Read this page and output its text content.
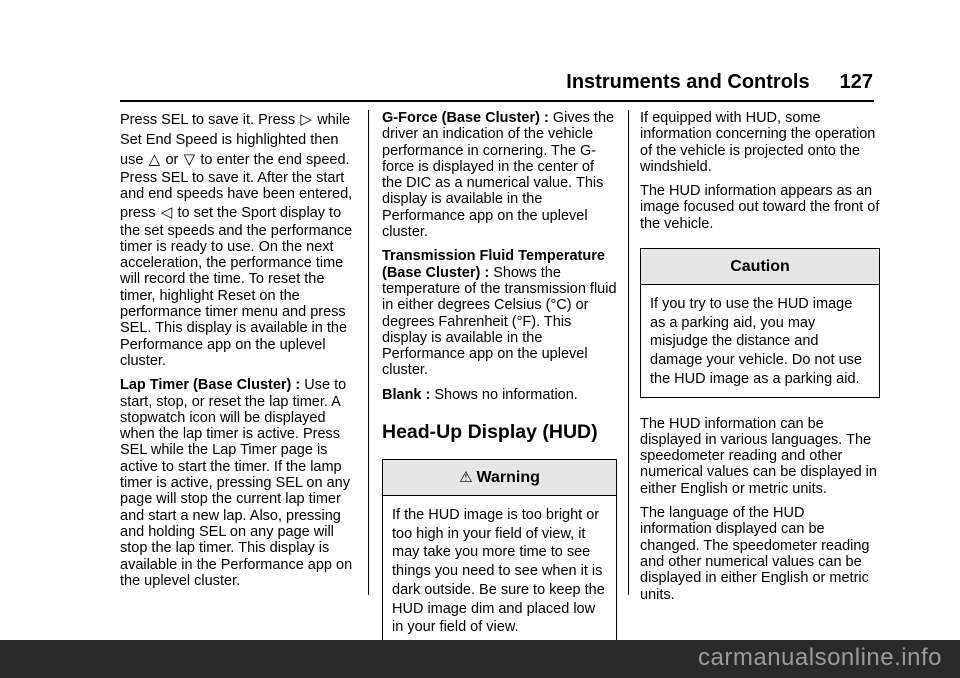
Instruments and Controls 127

Press SEL to save it. Press ▷ while
Set End Speed is highlighted then
use △ or ▽ to enter the end speed.
Press SEL to save it. After the start
and end speeds have been entered,
press ◁ to set the Sport display to
the set speeds and the performance timer is ready to use. On the next acceleration, the performance time will record the time. To reset the timer, highlight Reset on the performance timer menu and press SEL. This display is available in the Performance app on the uplevel cluster.

Lap Timer (Base Cluster) : Use to start, stop, or reset the lap timer. A stopwatch icon will be displayed when the lap timer is active. Press SEL while the Lap Timer page is active to start the timer. If the lamp timer is active, pressing SEL on any page will stop the current lap timer and start a new lap. Also, pressing and holding SEL on any page will stop the lap timer. This display is available in the Performance app on the uplevel cluster.

G-Force (Base Cluster) : Gives the driver an indication of the vehicle performance in cornering. The G-force is displayed in the center of the DIC as a numerical value. This display is available in the Performance app on the uplevel cluster.

Transmission Fluid Temperature (Base Cluster) : Shows the temperature of the transmission fluid in either degrees Celsius (°C) or degrees Fahrenheit (°F). This display is available in the Performance app on the uplevel cluster.

Blank : Shows no information.

Head-Up Display (HUD)
⚠ Warning
If the HUD image is too bright or too high in your field of view, it may take you more time to see things you need to see when it is dark outside. Be sure to keep the HUD image dim and placed low in your field of view.

If equipped with HUD, some information concerning the operation of the vehicle is projected onto the windshield.

The HUD information appears as an image focused out toward the front of the vehicle.

Caution
If you try to use the HUD image as a parking aid, you may misjudge the distance and damage your vehicle. Do not use the HUD image as a parking aid.

The HUD information can be displayed in various languages. The speedometer reading and other numerical values can be displayed in either English or metric units.

The language of the HUD information displayed can be changed. The speedometer reading and other numerical values can be displayed in either English or metric units.

carmanualsonline.info
